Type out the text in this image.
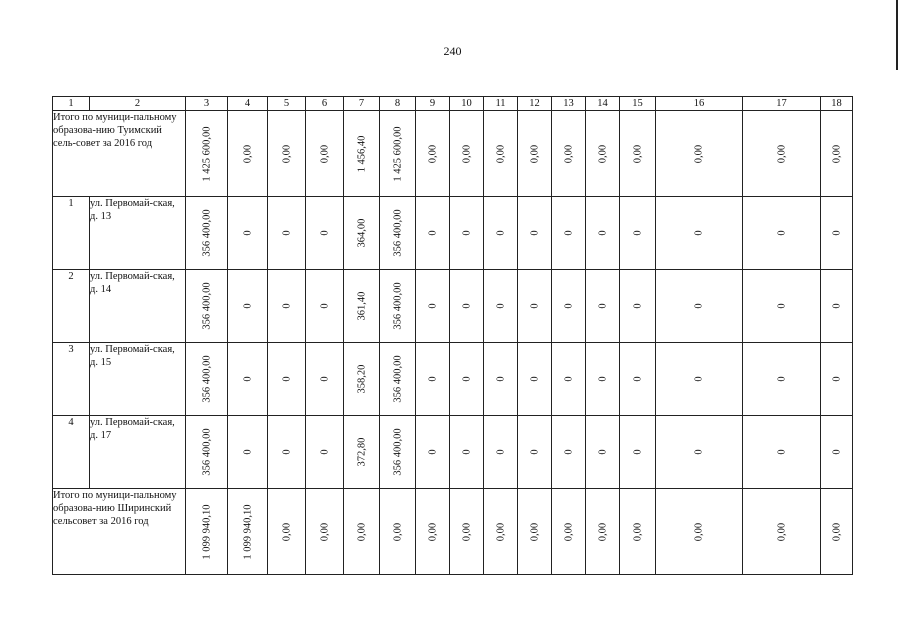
240
1	2	3	4	5	6	7	8	9	10	11	12	13	14	15	16	17	18
Итого по муници-пальному образова-нию Туимский сель-совет за 2016 год		1 425 600,00	0,00	0,00	0,00	1 456,40	1 425 600,00	0,00	0,00	0,00	0,00	0,00	0,00	0,00	0,00	0,00	0,00

1	ул. Первомай-ская, д. 13	356 400,00	0	0	0	364,00	356 400,00	0	0	0	0	0	0	0	0	0	0

2	ул. Первомай-ская, д. 14	356 400,00	0	0	0	361,40	356 400,00	0	0	0	0	0	0	0	0	0	0

3	ул. Первомай-ская, д. 15	356 400,00	0	0	0	358,20	356 400,00	0	0	0	0	0	0	0	0	0	0

4	ул. Первомай-ская, д. 17	356 400,00	0	0	0	372,80	356 400,00	0	0	0	0	0	0	0	0	0	0

Итого по муници-пальному образова-нию Ширинский сельсовет за 2016 год		1 099 940,10	1 099 940,10	0,00	0,00	0,00	0,00	0,00	0,00	0,00	0,00	0,00	0,00	0,00	0,00	0,00	0,00
